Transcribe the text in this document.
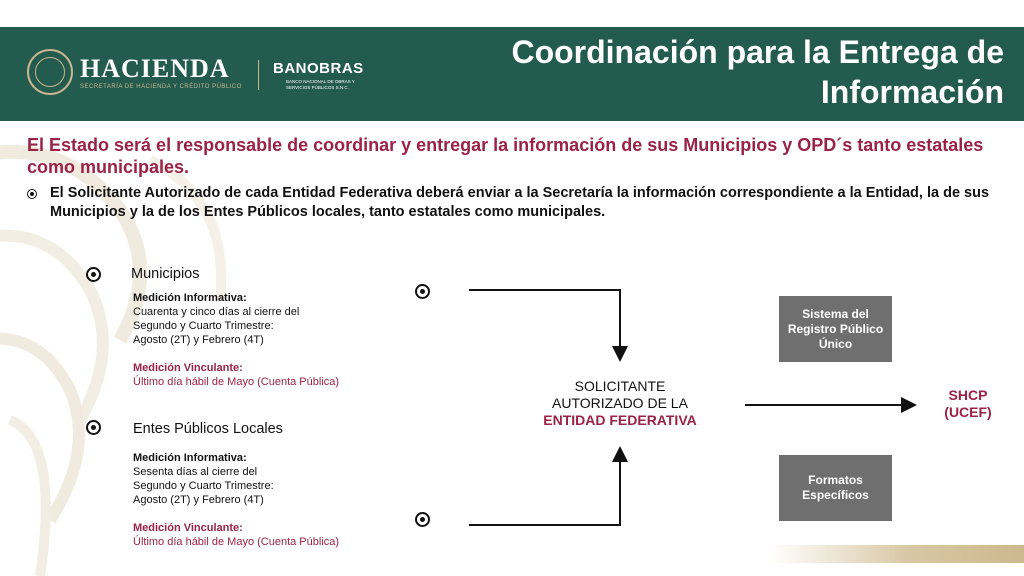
HACIENDA
SECRETARÍA DE HACIENDA Y CRÉDITO PÚBLICO
BANOBRAS
BANCO NACIONAL DE OBRAS Y SERVICIOS PÚBLICOS S.N.C.
Coordinación para la Entrega de
Información
El Estado será el responsable de coordinar y entregar la información de sus Municipios y OPD´s tanto estatales como municipales.
El Solicitante Autorizado de cada Entidad Federativa deberá enviar a la Secretaría la información correspondiente a la Entidad, la de sus Municipios y la de los Entes Públicos locales, tanto estatales como municipales.
Municipios
Medición Informativa:
Cuarenta y cinco días al cierre del
Segundo y Cuarto Trimestre:
Agosto (2T) y Febrero (4T)
Medición Vinculante:
Último día hábil de Mayo (Cuenta Pública)
Entes Públicos Locales
Medición Informativa:
Sesenta días al cierre del
Segundo y Cuarto Trimestre:
Agosto (2T) y Febrero (4T)
Medición Vinculante:
Último día hábil de Mayo (Cuenta Pública)
SOLICITANTE
AUTORIZADO DE LA
ENTIDAD FEDERATIVA
SHCP
(UCEF)
Sistema del Registro Público Único
Formatos Específicos
